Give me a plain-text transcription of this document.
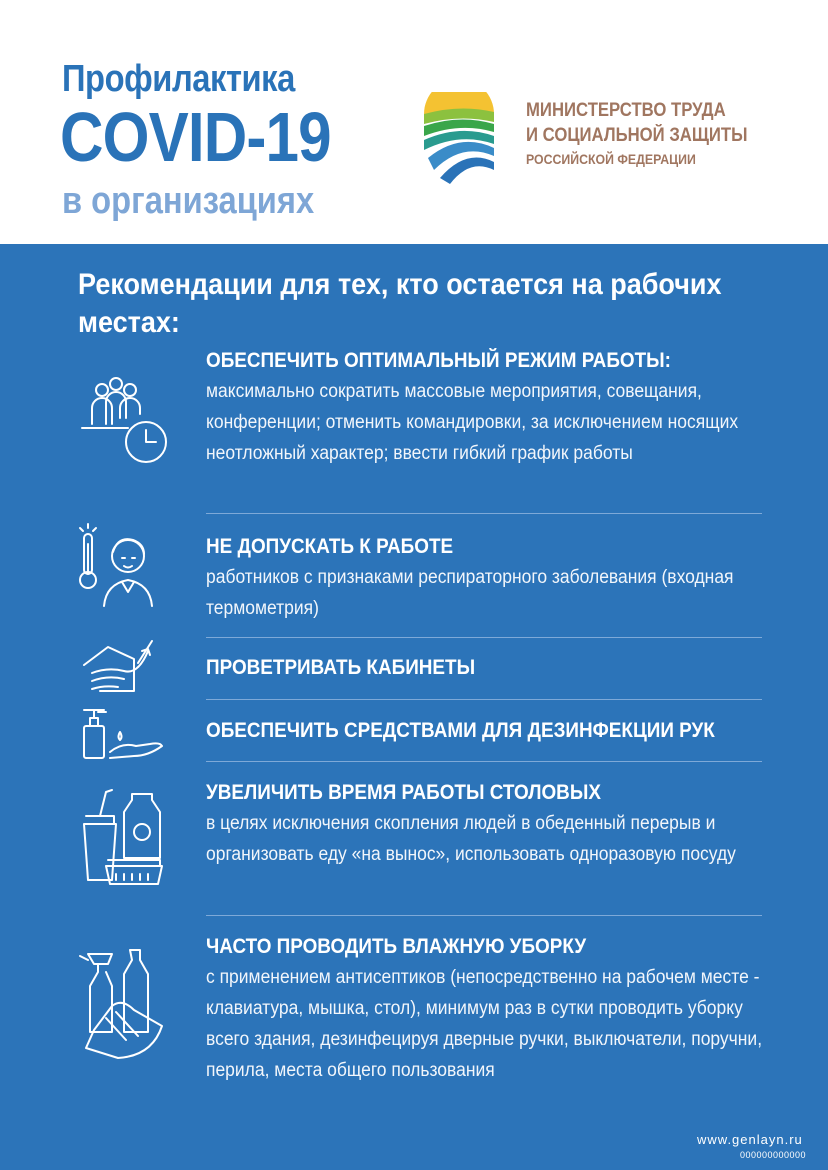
Профилактика
COVID-19
в организациях
МИНИСТЕРСТВО ТРУДА
И СОЦИАЛЬНОЙ ЗАЩИТЫ
РОССИЙСКОЙ ФЕДЕРАЦИИ
Рекомендации для тех, кто остается на рабочих местах:
ОБЕСПЕЧИТЬ ОПТИМАЛЬНЫЙ РЕЖИМ РАБОТЫ:
максимально сократить массовые мероприятия, совещания, конференции; отменить командировки, за исключением носящих неотложный характер; ввести гибкий график работы
НЕ ДОПУСКАТЬ К РАБОТЕ
работников с признаками респираторного заболевания (входная термометрия)
ПРОВЕТРИВАТЬ КАБИНЕТЫ
ОБЕСПЕЧИТЬ СРЕДСТВАМИ ДЛЯ ДЕЗИНФЕКЦИИ РУК
УВЕЛИЧИТЬ ВРЕМЯ РАБОТЫ СТОЛОВЫХ
в целях исключения скопления людей в обеденный перерыв и организовать еду «на вынос», использовать одноразовую посуду
ЧАСТО ПРОВОДИТЬ ВЛАЖНУЮ УБОРКУ
с применением антисептиков (непосредственно на рабочем месте - клавиатура, мышка, стол), минимум раз в сутки проводить уборку всего здания, дезинфецируя дверные ручки, выключатели, поручни, перила, места общего пользования
www.genlayn.ru
000000000000
